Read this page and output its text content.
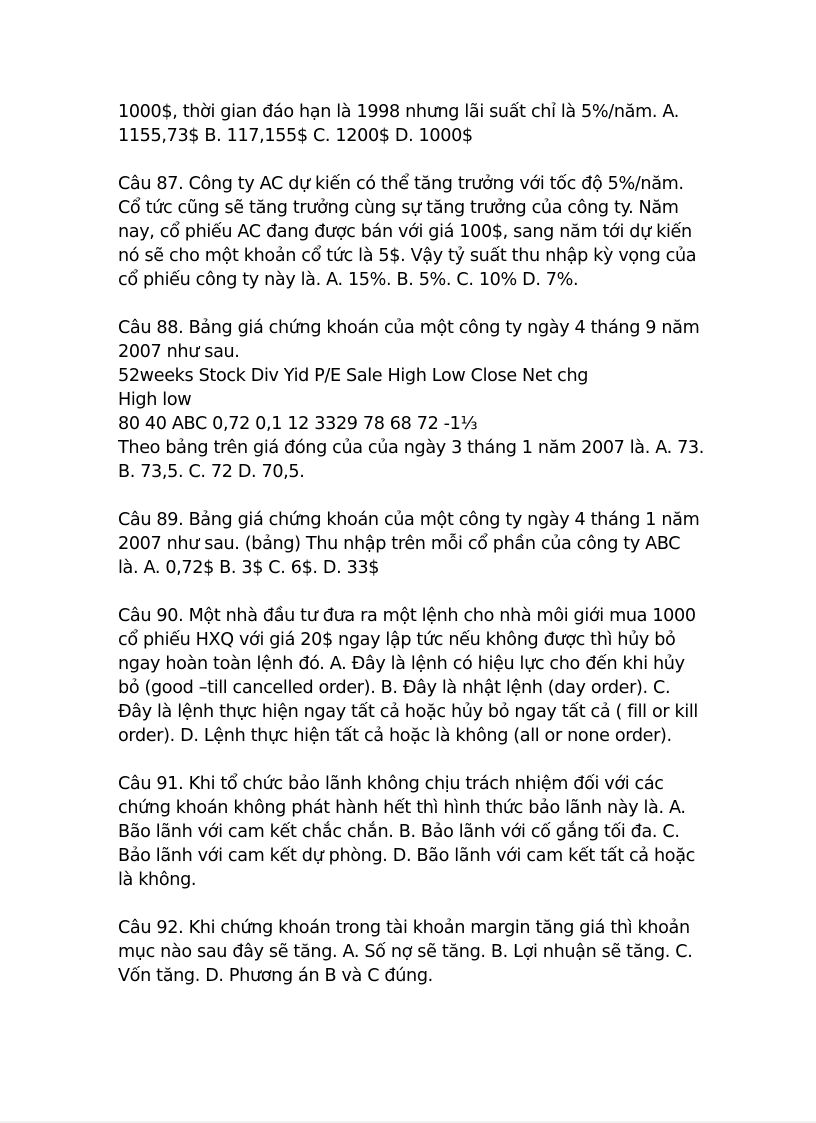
1000$, thời gian đáo hạn là 1998 nhưng lãi suất chỉ là 5%/năm. A.
1155,73$ B. 117,155$ C. 1200$ D. 1000$

Câu 87. Công ty AC dự kiến có thể tăng trưởng với tốc độ 5%/năm.
Cổ tức cũng sẽ tăng trưởng cùng sự tăng trưởng của công ty. Năm
nay, cổ phiếu AC đang được bán với giá 100$, sang năm tới dự kiến
nó sẽ cho một khoản cổ tức là 5$. Vậy tỷ suất thu nhập kỳ vọng của
cổ phiếu công ty này là. A. 15%. B. 5%. C. 10% D. 7%.

Câu 88. Bảng giá chứng khoán của một công ty ngày 4 tháng 9 năm
2007 như sau.
52weeks Stock Div Yid P/E Sale High Low Close Net chg
High low
80 40 ABC 0,72 0,1 12 3329 78 68 72 -1⅓
Theo bảng trên giá đóng của của ngày 3 tháng 1 năm 2007 là. A. 73.
B. 73,5. C. 72 D. 70,5.

Câu 89. Bảng giá chứng khoán của một công ty ngày 4 tháng 1 năm
2007 như sau. (bảng) Thu nhập trên mỗi cổ phần của công ty ABC
là. A. 0,72$ B. 3$ C. 6$. D. 33$

Câu 90. Một nhà đầu tư đưa ra một lệnh cho nhà môi giới mua 1000
cổ phiếu HXQ với giá 20$ ngay lập tức nếu không được thì hủy bỏ
ngay hoàn toàn lệnh đó. A. Đây là lệnh có hiệu lực cho đến khi hủy
bỏ (good –till cancelled order). B. Đây là nhật lệnh (day order). C.
Đây là lệnh thực hiện ngay tất cả hoặc hủy bỏ ngay tất cả ( fill or kill
order). D. Lệnh thực hiện tất cả hoặc là không (all or none order).

Câu 91. Khi tổ chức bảo lãnh không chịu trách nhiệm đối với các
chứng khoán không phát hành hết thì hình thức bảo lãnh này là. A.
Bão lãnh với cam kết chắc chắn. B. Bảo lãnh với cố gắng tối đa. C.
Bảo lãnh với cam kết dự phòng. D. Bão lãnh với cam kết tất cả hoặc
là không.

Câu 92. Khi chứng khoán trong tài khoản margin tăng giá thì khoản
mục nào sau đây sẽ tăng. A. Số nợ sẽ tăng. B. Lợi nhuận sẽ tăng. C.
Vốn tăng. D. Phương án B và C đúng.
